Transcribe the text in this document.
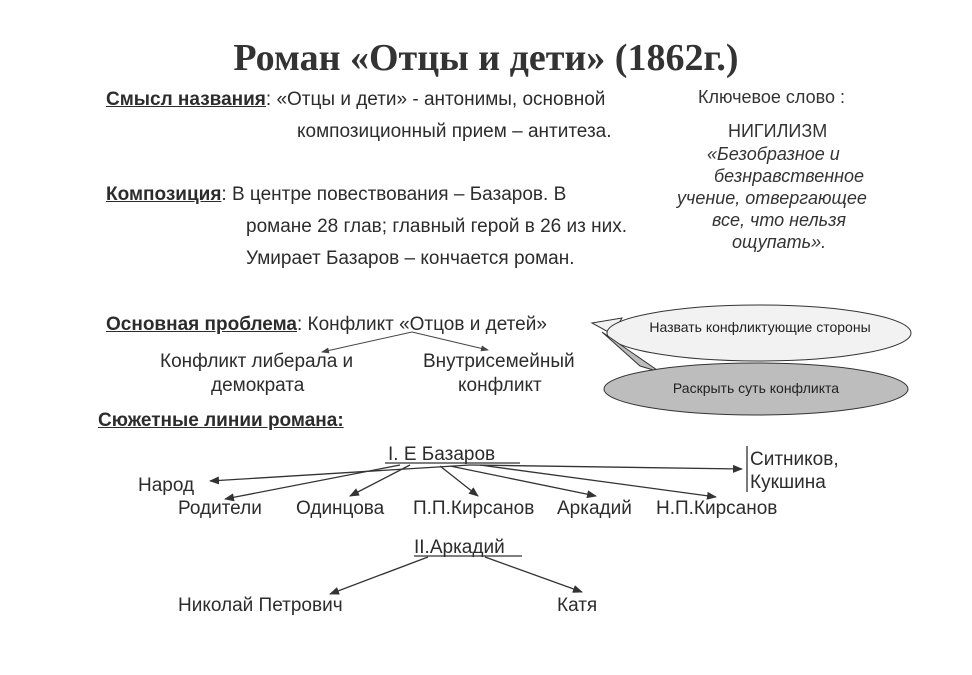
Роман «Отцы и дети» (1862г.)
Смысл названия: «Отцы и дети» - антонимы, основной
композиционный прием – антитеза.
Ключевое слово :
НИГИЛИЗМ
«Безобразное и
безнравственное
учение, отвергающее
все, что нельзя
ощупать».
Композиция: В центре повествования – Базаров. В
романе 28 глав; главный герой в 26 из них.
Умирает Базаров – кончается роман.
Основная проблема: Конфликт «Отцов и детей»
Конфликт либерала и
демократа
Внутрисемейный
конфликт
Назвать конфликтующие стороны
Раскрыть суть конфликта
Сюжетные линии романа:
I. Е Базаров
Народ
Родители Одинцова П.П.Кирсанов Аркадий Н.П.Кирсанов
Ситников,
Кукшина
II.Аркадий
Николай Петрович	Катя
